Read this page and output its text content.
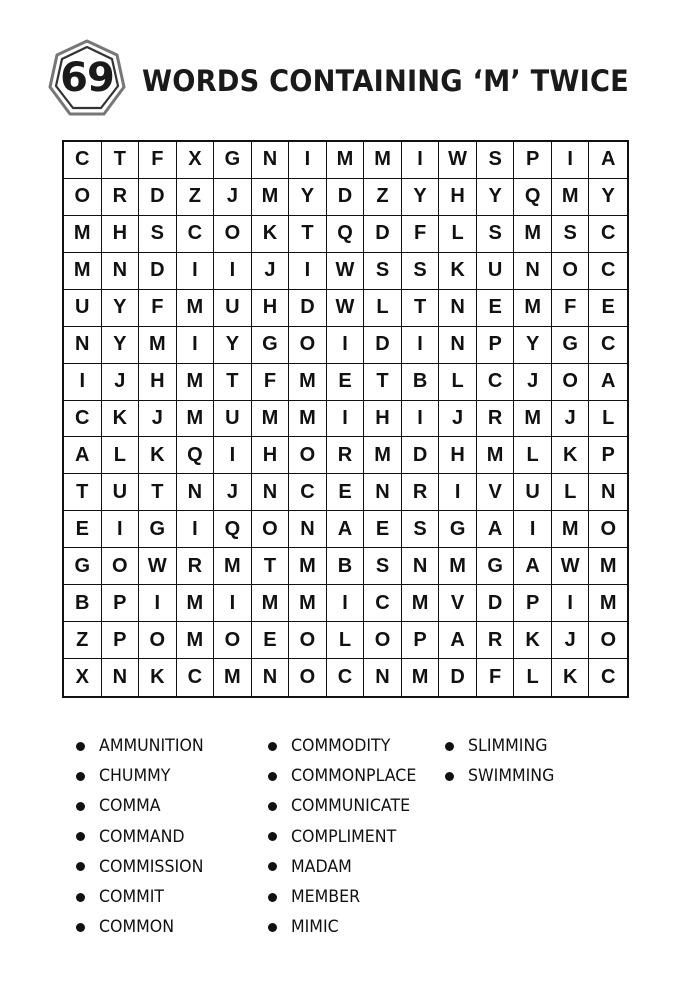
69 WORDS CONTAINING ‘M’ TWICE
C	T	F	X	G	N	I	M	M	I	W	S	P	I	A
O	R	D	Z	J	M	Y	D	Z	Y	H	Y	Q	M	Y
M	H	S	C	O	K	T	Q	D	F	L	S	M	S	C
M	N	D	I	I	J	I	W	S	S	K	U	N	O	C
U	Y	F	M	U	H	D	W	L	T	N	E	M	F	E
N	Y	M	I	Y	G	O	I	D	I	N	P	Y	G	C
I	J	H	M	T	F	M	E	T	B	L	C	J	O	A
C	K	J	M	U	M	M	I	H	I	J	R	M	J	L
A	L	K	Q	I	H	O	R	M	D	H	M	L	K	P
T	U	T	N	J	N	C	E	N	R	I	V	U	L	N
E	I	G	I	Q	O	N	A	E	S	G	A	I	M	O
G	O	W	R	M	T	M	B	S	N	M	G	A	W	M
B	P	I	M	I	M	M	I	C	M	V	D	P	I	M
Z	P	O	M	O	E	O	L	O	P	A	R	K	J	O
X	N	K	C	M	N	O	C	N	M	D	F	L	K	C
AMMUNITION
CHUMMY
COMMA
COMMAND
COMMISSION
COMMIT
COMMON
COMMODITY
COMMONPLACE
COMMUNICATE
COMPLIMENT
MADAM
MEMBER
MIMIC
SLIMMING
SWIMMING
